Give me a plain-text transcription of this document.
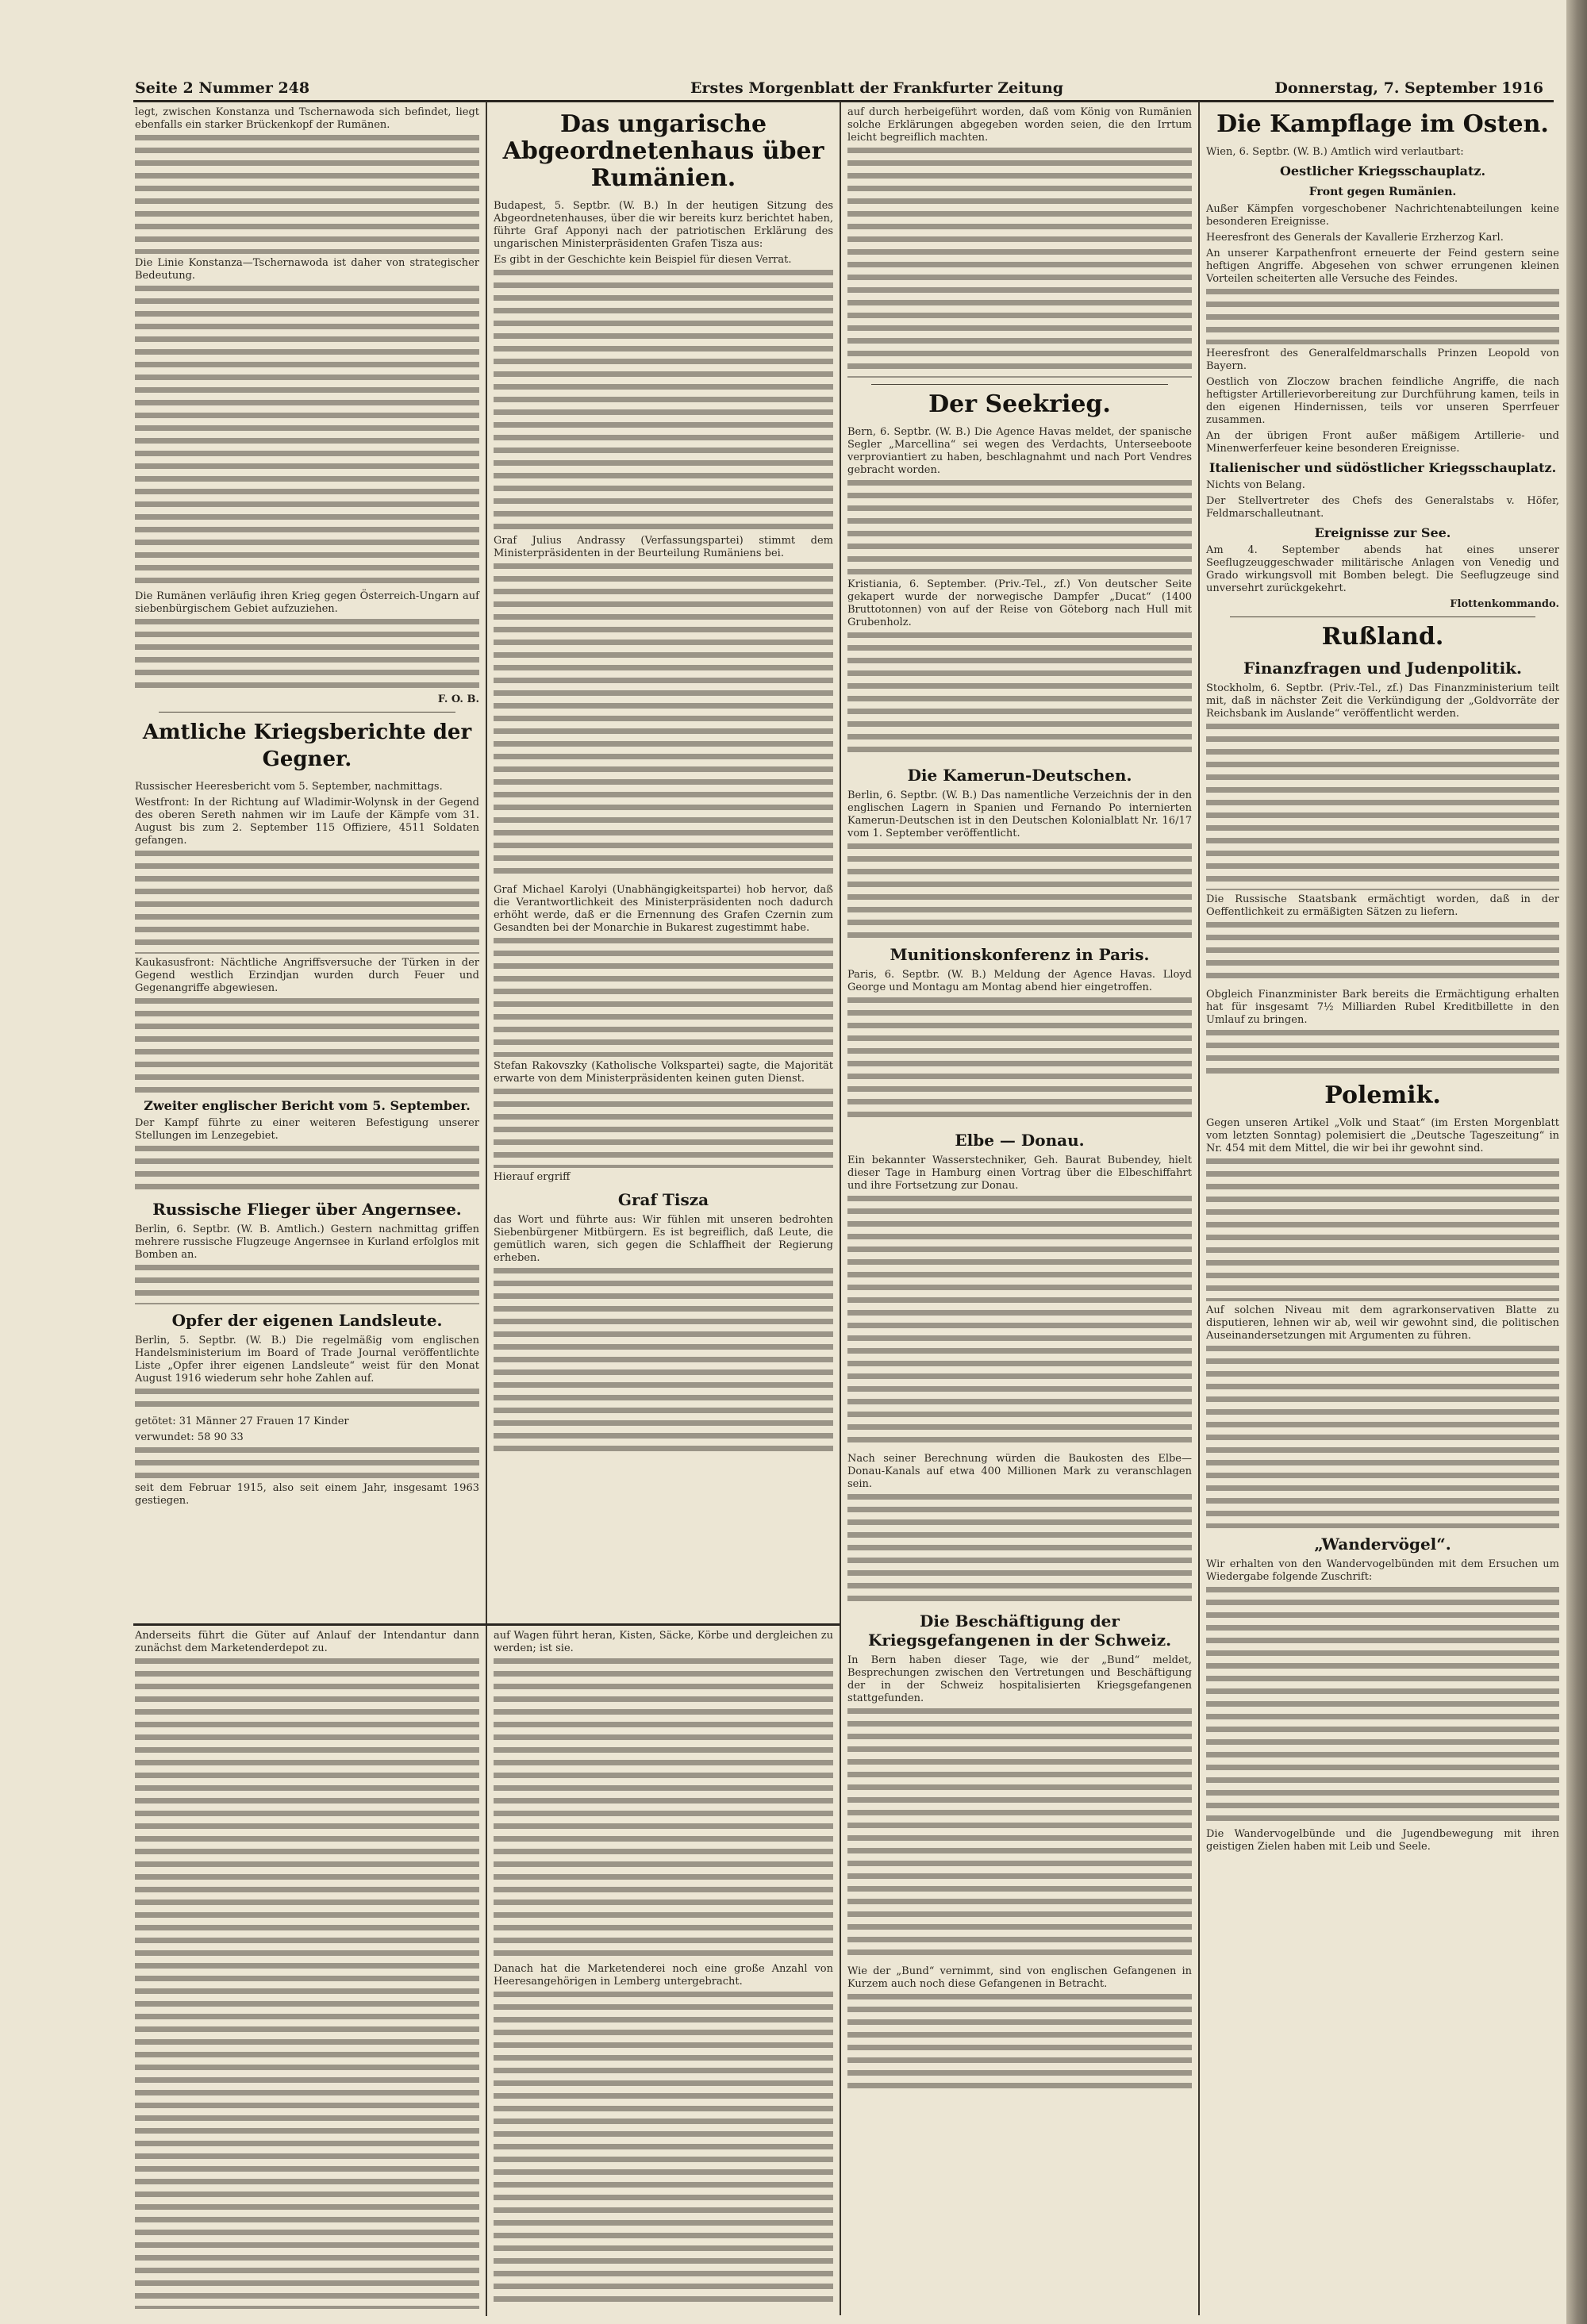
Seite 2 Nummer 248	Erstes Morgenblatt der Frankfurter Zeitung	Donnerstag, 7. September 1916

legt, zwischen Konstanza und Tschernawoda sich befindet, liegt ebenfalls ein starker Brückenkopf der Rumänen.

Die Linie Konstanza—Tschernawoda ist daher von strategischer Bedeutung.

Die Rumänen verläufig ihren Krieg gegen Österreich-Ungarn auf siebenbürgischem Gebiet aufzuziehen.

F. O. B.
Amtliche Kriegsberichte der Gegner.

Russischer Heeresbericht vom 5. September, nachmittags.

Westfront: In der Richtung auf Wladimir-Wolynsk in der Gegend des oberen Sereth nahmen wir im Laufe der Kämpfe vom 31. August bis zum 2. September 115 Offiziere, 4511 Soldaten gefangen.

Kaukasusfront: Nächtliche Angriffsversuche der Türken in der Gegend westlich Erzindjan wurden durch Feuer und Gegenangriffe abgewiesen.

Zweiter englischer Bericht vom 5. September.

Der Kampf führte zu einer weiteren Befestigung unserer Stellungen im Lenzegebiet.

Russische Flieger über Angernsee.

Berlin, 6. Septbr. (W. B. Amtlich.) Gestern nachmittag griffen mehrere russische Flugzeuge Angernsee in Kurland erfolglos mit Bomben an.

Opfer der eigenen Landsleute.

Berlin, 5. Septbr. (W. B.) Die regelmäßig vom englischen Handelsministerium im Board of Trade Journal veröffentlichte Liste „Opfer ihrer eigenen Landsleute“ weist für den Monat August 1916 wiederum sehr hohe Zahlen auf.

getötet: 31 Männer 27 Frauen 17 Kinder

verwundet: 58 90 33

seit dem Februar 1915, also seit einem Jahr, insgesamt 1963 gestiegen.

Das ungarische Abgeordnetenhaus über Rumänien.

Budapest, 5. Septbr. (W. B.) In der heutigen Sitzung des Abgeordnetenhauses, über die wir bereits kurz berichtet haben, führte Graf Apponyi nach der patriotischen Erklärung des ungarischen Ministerpräsidenten Grafen Tisza aus:

Es gibt in der Geschichte kein Beispiel für diesen Verrat.

Graf Julius Andrassy (Verfassungspartei) stimmt dem Ministerpräsidenten in der Beurteilung Rumäniens bei.

Graf Michael Karolyi (Unabhängigkeitspartei) hob hervor, daß die Verantwortlichkeit des Ministerpräsidenten noch dadurch erhöht werde, daß er die Ernennung des Grafen Czernin zum Gesandten bei der Monarchie in Bukarest zugestimmt habe.

Stefan Rakovszky (Katholische Volkspartei) sagte, die Majorität erwarte von dem Ministerpräsidenten keinen guten Dienst.

Hierauf ergriff

Graf Tisza

das Wort und führte aus: Wir fühlen mit unseren bedrohten Siebenbürgener Mitbürgern. Es ist begreiflich, daß Leute, die gemütlich waren, sich gegen die Schlaffheit der Regierung erheben.

auf durch herbeigeführt worden, daß vom König von Rumänien solche Erklärungen abgegeben worden seien, die den Irrtum leicht begreiflich machten.

Der Seekrieg.

Bern, 6. Septbr. (W. B.) Die Agence Havas meldet, der spanische Segler „Marcellina“ sei wegen des Verdachts, Unterseeboote verproviantiert zu haben, beschlagnahmt und nach Port Vendres gebracht worden.

Kristiania, 6. September. (Priv.-Tel., zf.) Von deutscher Seite gekapert wurde der norwegische Dampfer „Ducat“ (1400 Bruttotonnen) von auf der Reise von Göteborg nach Hull mit Grubenholz.

Die Kamerun-Deutschen.

Berlin, 6. Septbr. (W. B.) Das namentliche Verzeichnis der in den englischen Lagern in Spanien und Fernando Po internierten Kamerun-Deutschen ist in den Deutschen Kolonialblatt Nr. 16/17 vom 1. September veröffentlicht.

Munitionskonferenz in Paris.

Paris, 6. Septbr. (W. B.) Meldung der Agence Havas. Lloyd George und Montagu am Montag abend hier eingetroffen.

Elbe — Donau.

Ein bekannter Wasserstechniker, Geh. Baurat Bubendey, hielt dieser Tage in Hamburg einen Vortrag über die Elbeschiffahrt und ihre Fortsetzung zur Donau.

Nach seiner Berechnung würden die Baukosten des Elbe—Donau-Kanals auf etwa 400 Millionen Mark zu veranschlagen sein.

Die Beschäftigung der Kriegsgefangenen in der Schweiz.

In Bern haben dieser Tage, wie der „Bund“ meldet, Besprechungen zwischen den Vertretungen und Beschäftigung der in der Schweiz hospitalisierten Kriegsgefangenen stattgefunden.

Wie der „Bund“ vernimmt, sind von englischen Gefangenen in Kurzem auch noch diese Gefangenen in Betracht.

Die Kampflage im Osten.

Wien, 6. Septbr. (W. B.) Amtlich wird verlautbart:

Oestlicher Kriegsschauplatz.
Front gegen Rumänien.

Außer Kämpfen vorgeschobener Nachrichtenabteilungen keine besonderen Ereignisse.

Heeresfront des Generals der Kavallerie Erzherzog Karl.

An unserer Karpathenfront erneuerte der Feind gestern seine heftigen Angriffe. Abgesehen von schwer errungenen kleinen Vorteilen scheiterten alle Versuche des Feindes.

Heeresfront des Generalfeldmarschalls Prinzen Leopold von Bayern.

Oestlich von Zloczow brachen feindliche Angriffe, die nach heftigster Artillerievorbereitung zur Durchführung kamen, teils in den eigenen Hindernissen, teils vor unseren Sperrfeuer zusammen.

An der übrigen Front außer mäßigem Artillerie- und Minenwerferfeuer keine besonderen Ereignisse.

Italienischer und südöstlicher Kriegsschauplatz.

Nichts von Belang.

Der Stellvertreter des Chefs des Generalstabs v. Höfer, Feldmarschalleutnant.

Ereignisse zur See.

Am 4. September abends hat eines unserer Seeflugzeuggeschwader militärische Anlagen von Venedig und Grado wirkungsvoll mit Bomben belegt. Die Seeflugzeuge sind unversehrt zurückgekehrt.

Flottenkommando.
Rußland.
Finanzfragen und Judenpolitik.

Stockholm, 6. Septbr. (Priv.-Tel., zf.) Das Finanzministerium teilt mit, daß in nächster Zeit die Verkündigung der „Goldvorräte der Reichsbank im Auslande“ veröffentlicht werden.

Die Russische Staatsbank ermächtigt worden, daß in der Oeffentlichkeit zu ermäßigten Sätzen zu liefern.

Obgleich Finanzminister Bark bereits die Ermächtigung erhalten hat für insgesamt 7½ Milliarden Rubel Kreditbillette in den Umlauf zu bringen.

Polemik.

Gegen unseren Artikel „Volk und Staat“ (im Ersten Morgenblatt vom letzten Sonntag) polemisiert die „Deutsche Tageszeitung“ in Nr. 454 mit dem Mittel, die wir bei ihr gewohnt sind.

Auf solchen Niveau mit dem agrarkonservativen Blatte zu disputieren, lehnen wir ab, weil wir gewohnt sind, die politischen Auseinandersetzungen mit Argumenten zu führen.

„Wandervögel“.

Wir erhalten von den Wandervogelbünden mit dem Ersuchen um Wiedergabe folgende Zuschrift:

Die Wandervogelbünde und die Jugendbewegung mit ihren geistigen Zielen haben mit Leib und Seele.

Anderseits führt die Güter auf Anlauf der Intendantur dann zunächst dem Marketenderdepot zu.

auf Wagen führt heran, Kisten, Säcke, Körbe und dergleichen zu werden; ist sie.

Danach hat die Marketenderei noch eine große Anzahl von Heeresangehörigen in Lemberg untergebracht.
